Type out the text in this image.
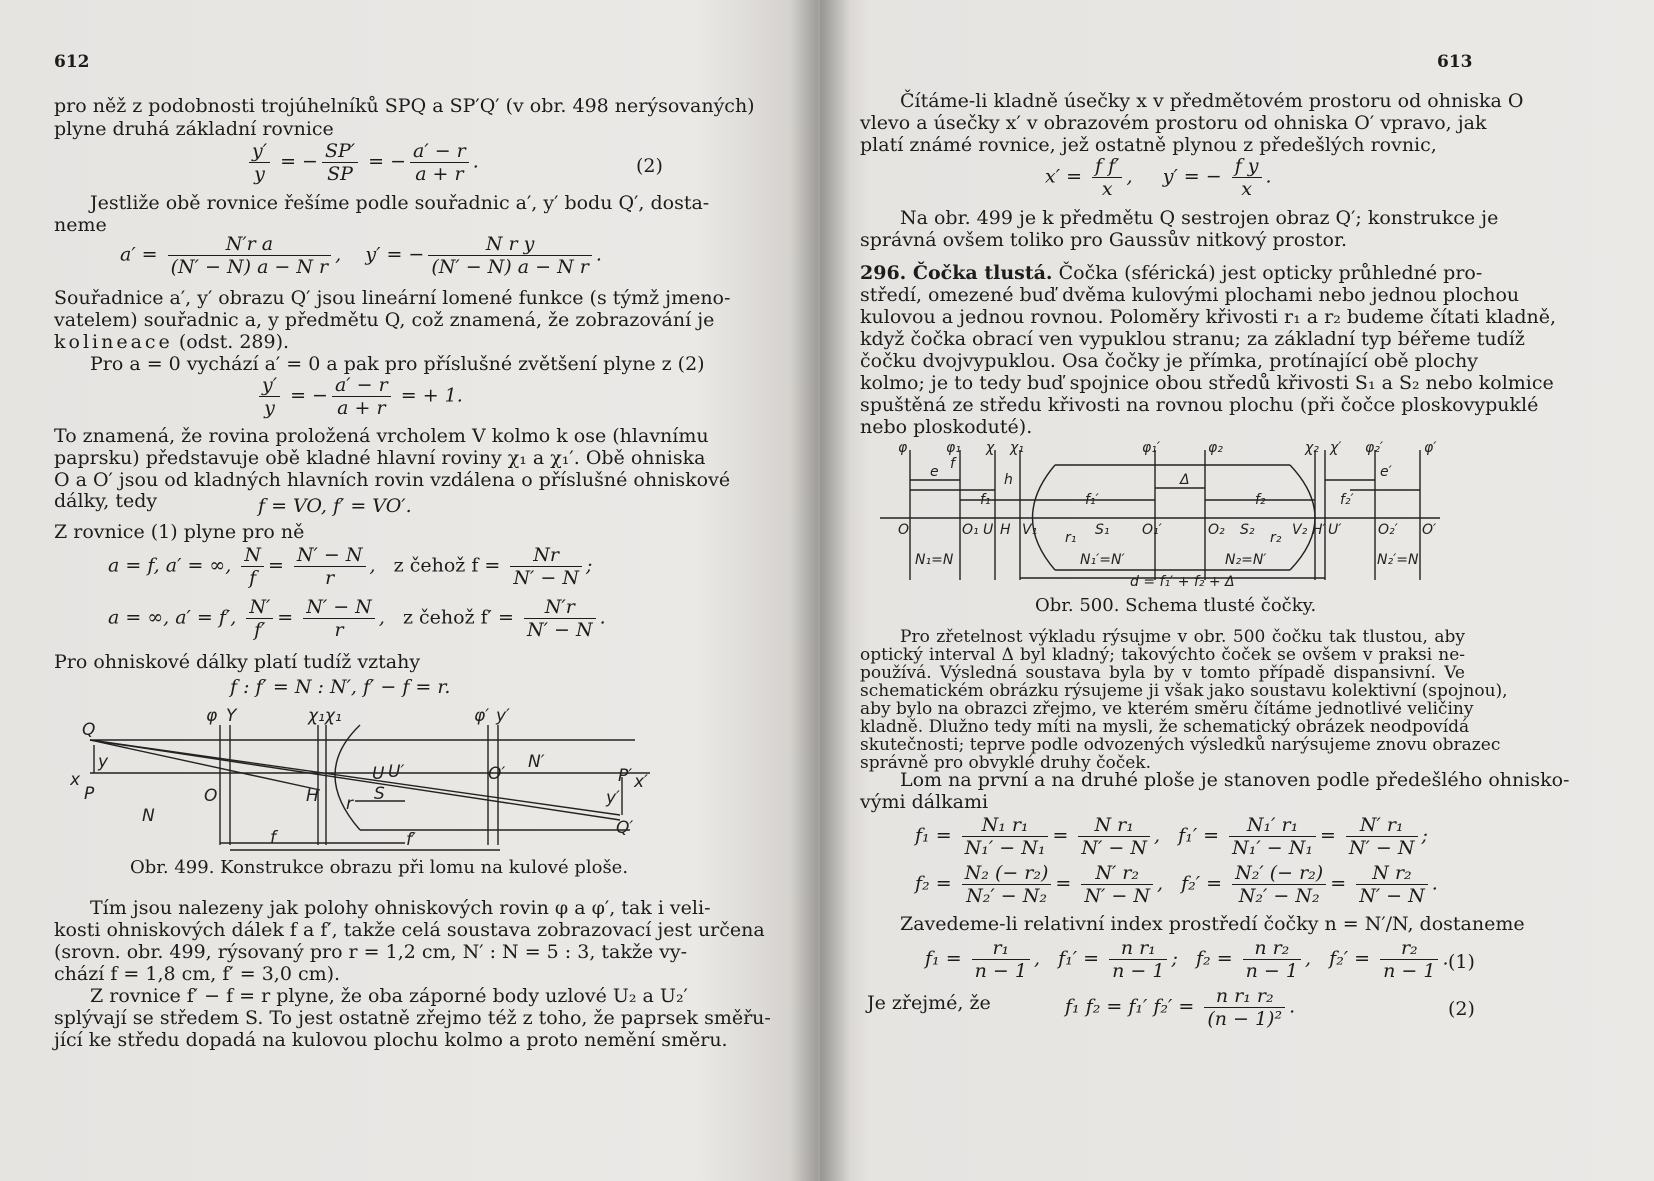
612
pro něž z podobnosti trojúhelníků SPQ a SP′Q′ (v obr. 498 nerýsovaných)
plyne druhá základní rovnice
$\frac{y'}{y}$ = − $\frac{SP'}{SP}$ = − $\frac{a' - r}{a + r}$ .	(2)
Jestliže obě rovnice řešíme podle souřadnic a′, y′ bodu Q′, dosta-
neme
$a' = \frac{\text{N′r a}}{\text{(N′ − N) a − N r}}$ ,    y′ = − $\frac{\text{N r y}}{\text{(N′ − N) a − N r}}$ .
Souřadnice a′, y′ obrazu Q′ jsou lineární lomené funkce (s týmž jmeno-
vatelem) souřadnic a, y předmětu Q, což znamená, že zobrazování je
kolineace (odst. 289).
Pro a = 0 vychází a′ = 0 a pak pro příslušné zvětšení plyne z (2)
$\frac{y'}{y}$ = − $\frac{a' - r}{a + r}$ = + 1.
To znamená, že rovina proložená vrcholem V kolmo k ose (hlavnímu
paprsku) představuje obě kladné hlavní roviny χ₁ a χ₁′. Obě ohniska
O a O′ jsou od kladných hlavních rovin vzdálena o příslušné ohniskové
dálky, tedy	f = VO, f′ = VO′.
Z rovnice (1) plyne pro ně
a = f, a′ = ∞, $\frac{N}{f} = \frac{N' - N}{r}$ ,   z čehož $f = \frac{Nr}{N' - N}$ ;
a = ∞, a′ = f′, $\frac{N'}{f'} = \frac{N' - N}{r}$ ,   z čehož $f' = \frac{N'r}{N' - N}$ .
Pro ohniskové dálky platí tudíž vztahy
f : f′ = N : N′, f′ − f = r.
Q
y
x
P
N
O
φ Y	χ₁χ₁	φ′ y′
U U′	O′
N′
P′ x′
y′
Q′
H r S
f	f′
Obr. 499. Konstrukce obrazu při lomu na kulové ploše.
Tím jsou nalezeny jak polohy ohniskových rovin φ a φ′, tak i veli-
kosti ohniskových dálek f a f′, takže celá soustava zobrazovací jest určena
(srovn. obr. 499, rýsovaný pro r = 1,2 cm, N′ : N = 5 : 3, takže vy-
chází f = 1,8 cm, f′ = 3,0 cm).
Z rovnice f′ − f = r plyne, že oba záporné body uzlové U₂ a U₂′
splývají se středem S. To jest ostatně zřejmo též z toho, že paprsek směřu-
jící ke středu dopadá na kulovou plochu kolmo a proto nemění směru.
613
Čítáme-li kladně úsečky x v předmětovém prostoru od ohniska O
vlevo a úsečky x′ v obrazovém prostoru od ohniska O′ vpravo, jak
platí známé rovnice, jež ostatně plynou z předešlých rovnic,
$x' = \frac{\text{f f′}}{x}$ ,     y′ = − $\frac{\text{f y}}{x}$ .
Na obr. 499 je k předmětu Q sestrojen obraz Q′; konstrukce je
správná ovšem toliko pro Gaussův nitkový prostor.
296. Čočka tlustá. Čočka (sférická) jest opticky průhledné pro-
středí, omezené buď dvěma kulovými plochami nebo jednou plochou
kulovou a jednou rovnou. Poloměry křivosti r₁ a r₂ budeme čítati kladně,
když čočka obrací ven vypuklou stranu; za základní typ béřeme tudíž
čočku dvojvypuklou. Osa čočky je přímka, protínající obě plochy
kolmo; je to tedy buď spojnice obou středů křivosti S₁ a S₂ nebo kolmice
spuštěná ze středu křivosti na rovnou plochu (při čočce ploskovypuklé
nebo ploskoduté).
φ	φ₁ χ χ₁	φ₁′	φ₂	χ₂ χ′ φ₂′	φ′
e f
h	Δ	e′
f₁	f₁′	f₂	f₂′
O	O₁ U H V₁ r₁ S₁ O₁′	O₂ S₂ r₂ V₂ H′ U′	O₂′ O′
N₁=N	N₁′=N′	N₂=N′	N₂′=N
d = f₁′ + f₂ + Δ
Obr. 500. Schema tlusté čočky.
Pro zřetelnost výkladu rýsujme v obr. 500 čočku tak tlustou, aby
optický interval Δ byl kladný; takovýchto čoček se ovšem v praksi ne-
používá. Výsledná soustava byla by v tomto případě dispansivní. Ve
schematickém obrázku rýsujeme ji však jako soustavu kolektivní (spojnou),
aby bylo na obrazci zřejmo, ve kterém směru čítáme jednotlivé veličiny
kladně. Dlužno tedy míti na mysli, že schematický obrázek neodpovídá
skutečnosti; teprve podle odvozených výsledků narýsujeme znovu obrazec
správně pro obvyklé druhy čoček.
Lom na první a na druhé ploše je stanoven podle předešlého ohnisko-
vými dálkami
$f_1 = \frac{\text{N₁ r₁}}{\text{N₁′ − N₁}} = \frac{\text{N r₁}}{N' - N}$ ,   $f_1' = \frac{\text{N₁′ r₁}}{\text{N₁′ − N₁}} = \frac{\text{N′ r₁}}{N' - N}$ ;
$f_2 = \frac{\text{N₂ (− r₂)}}{\text{N₂′ − N₂}} = \frac{\text{N′ r₂}}{N' - N}$ ,   $f_2' = \frac{\text{N₂′ (− r₂)}}{\text{N₂′ − N₂}} = \frac{\text{N r₂}}{N' - N}$ .
Zavedeme-li relativní index prostředí čočky n = N′/N, dostaneme
$f_1 = \frac{\text{r₁}}{n - 1}$ ,   $f_1' = \frac{\text{n r₁}}{n - 1}$ ;   $f_2 = \frac{\text{n r₂}}{n - 1}$ ,   $f_2' = \frac{\text{r₂}}{n - 1}$ . (1)
Je zřejmé, že	f₁ f₂ = f₁′ $f_2' = \frac{\text{n r₁ r₂}}{\text{(n − 1)²}}$ .	(2)
